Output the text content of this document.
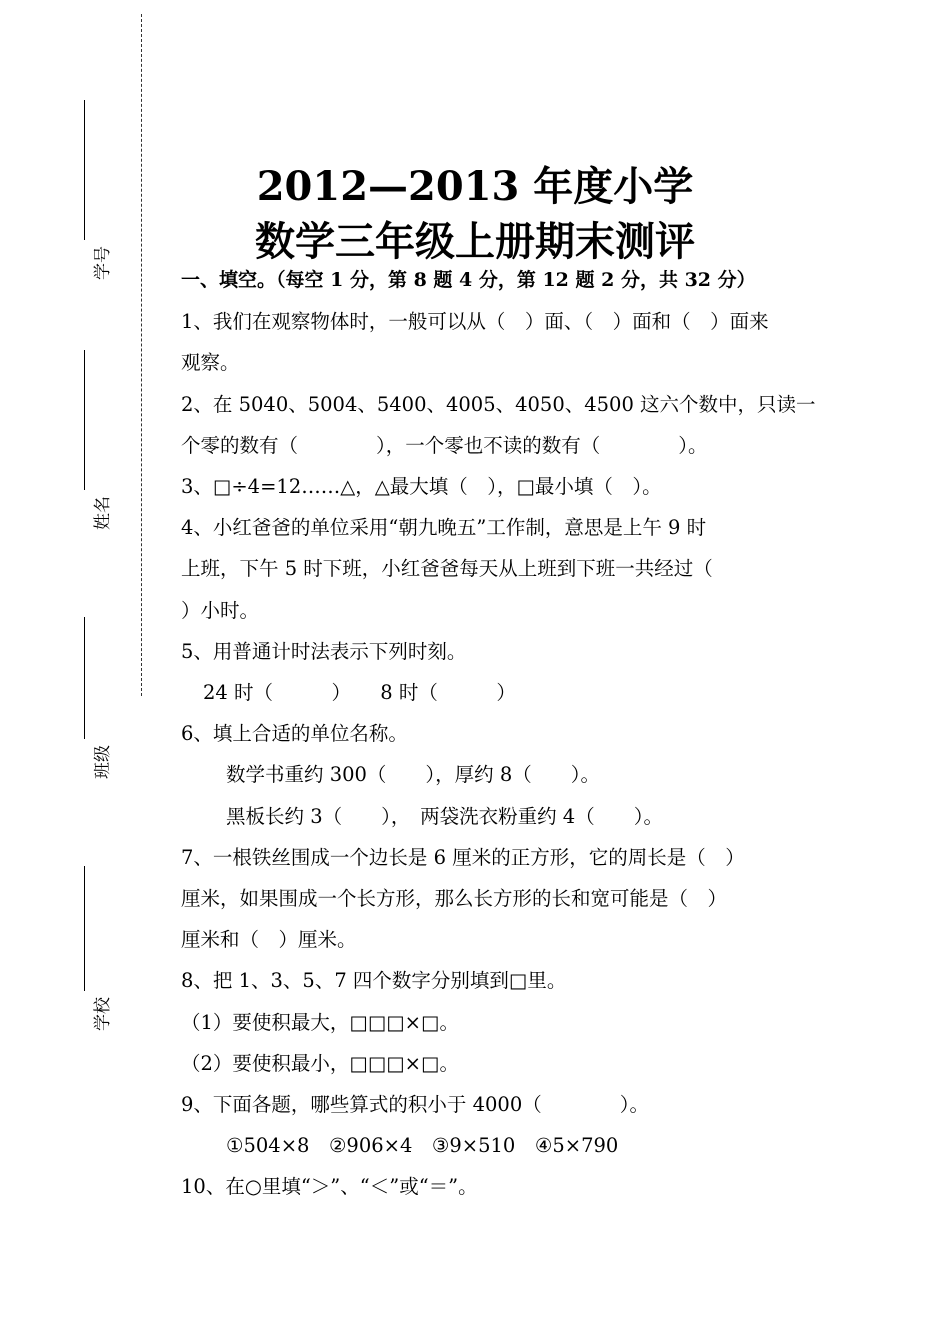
学号
姓名
班级
学校
2012—2013 年度小学
数学三年级上册期末测评
一、填空。（每空 1 分，第 8 题 4 分，第 12 题 2 分，共 32 分）
1、我们在观察物体时，一般可以从（　）面、（　）面和（　）面来
观察。
2、在 5040、5004、5400、4005、4050、4500 这六个数中，只读一
个零的数有（　　　　），一个零也不读的数有（　　　　）。
3、□÷4=12……△，△最大填（　），□最小填（　）。
4、小红爸爸的单位采用“朝九晚五”工作制，意思是上午 9 时
上班，下午 5 时下班，小红爸爸每天从上班到下班一共经过（
）小时。
5、用普通计时法表示下列时刻。
24 时（　　　）　　8 时（　　　）
6、填上合适的单位名称。
数学书重约 300（　　），厚约 8（　　）。
黑板长约 3（　　），　两袋洗衣粉重约 4（　　）。
7、一根铁丝围成一个边长是 6 厘米的正方形，它的周长是（　）
厘米，如果围成一个长方形，那么长方形的长和宽可能是（　）
厘米和（　）厘米。
8、把 1、3、5、7 四个数字分别填到□里。
（1）要使积最大，□□□×□。
（2）要使积最小，□□□×□。
9、下面各题，哪些算式的积小于 4000（　　　　）。
①504×8　②906×4　③9×510　④5×790
10、在○里填“＞”、“＜”或“＝”。
